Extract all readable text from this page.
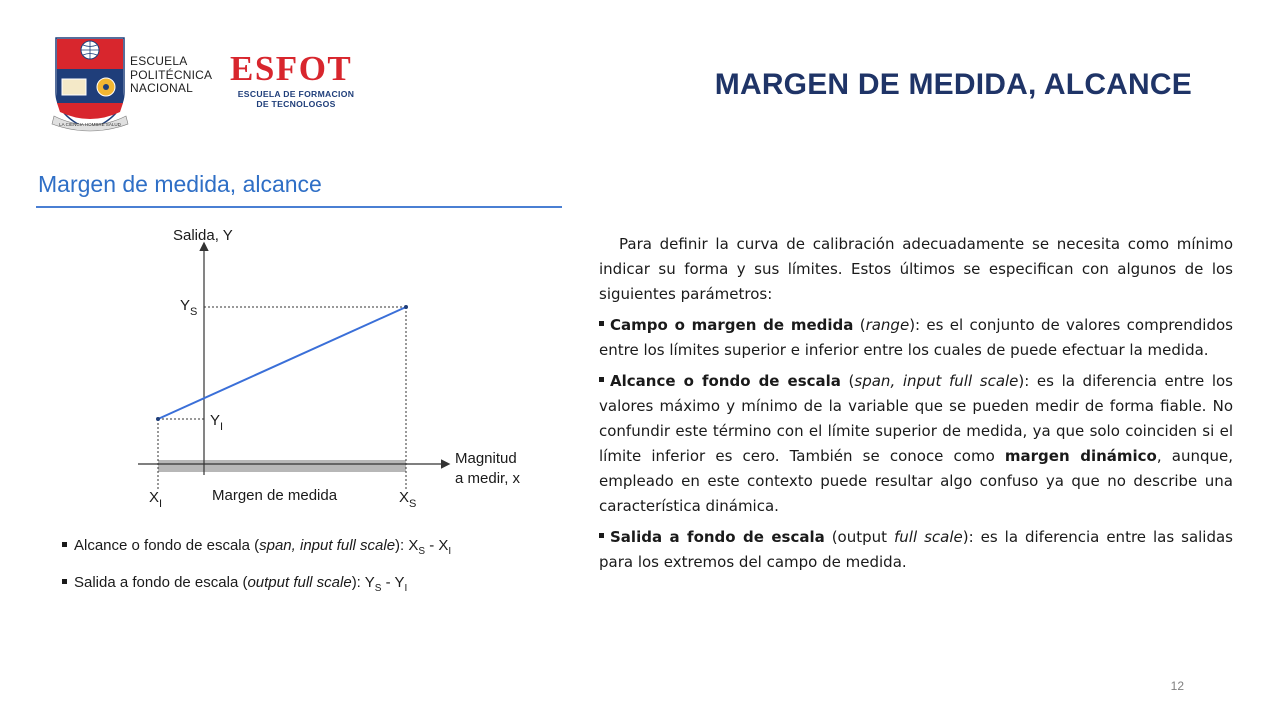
LA CIENCIA HOMBRE SALUD
ESCUELA
POLITÉCNICA
NACIONAL	ESFOT
ESCUELA DE FORMACION
DE TECNOLOGOS
MARGEN DE MEDIDA, ALCANCE
Margen de medida, alcance
Salida, Y
$Y_S$
$Y_I$
Magnitud
a medir, x
$X_I$	Margen de medida	$X_S$
Alcance o fondo de escala (span, input full scale): $X_S - X_I$
Salida a fondo de escala (output full scale): $Y_S - Y_I$

Para definir la curva de calibración adecuadamente se necesita como mínimo indicar su forma y sus límites. Estos últimos se especifican con algunos de los siguientes parámetros:

Campo o margen de medida (range): es el conjunto de valores comprendidos entre los límites superior e inferior entre los cuales de puede efectuar la medida.

Alcance o fondo de escala (span, input full scale): es la diferencia entre los valores máximo y mínimo de la variable que se pueden medir de forma fiable. No confundir este término con el límite superior de medida, ya que solo coinciden si el límite inferior es cero. También se conoce como margen dinámico, aunque, empleado en este contexto puede resultar algo confuso ya que no describe una característica dinámica.

Salida a fondo de escala (output full scale): es la diferencia entre las salidas para los extremos del campo de medida.

12
